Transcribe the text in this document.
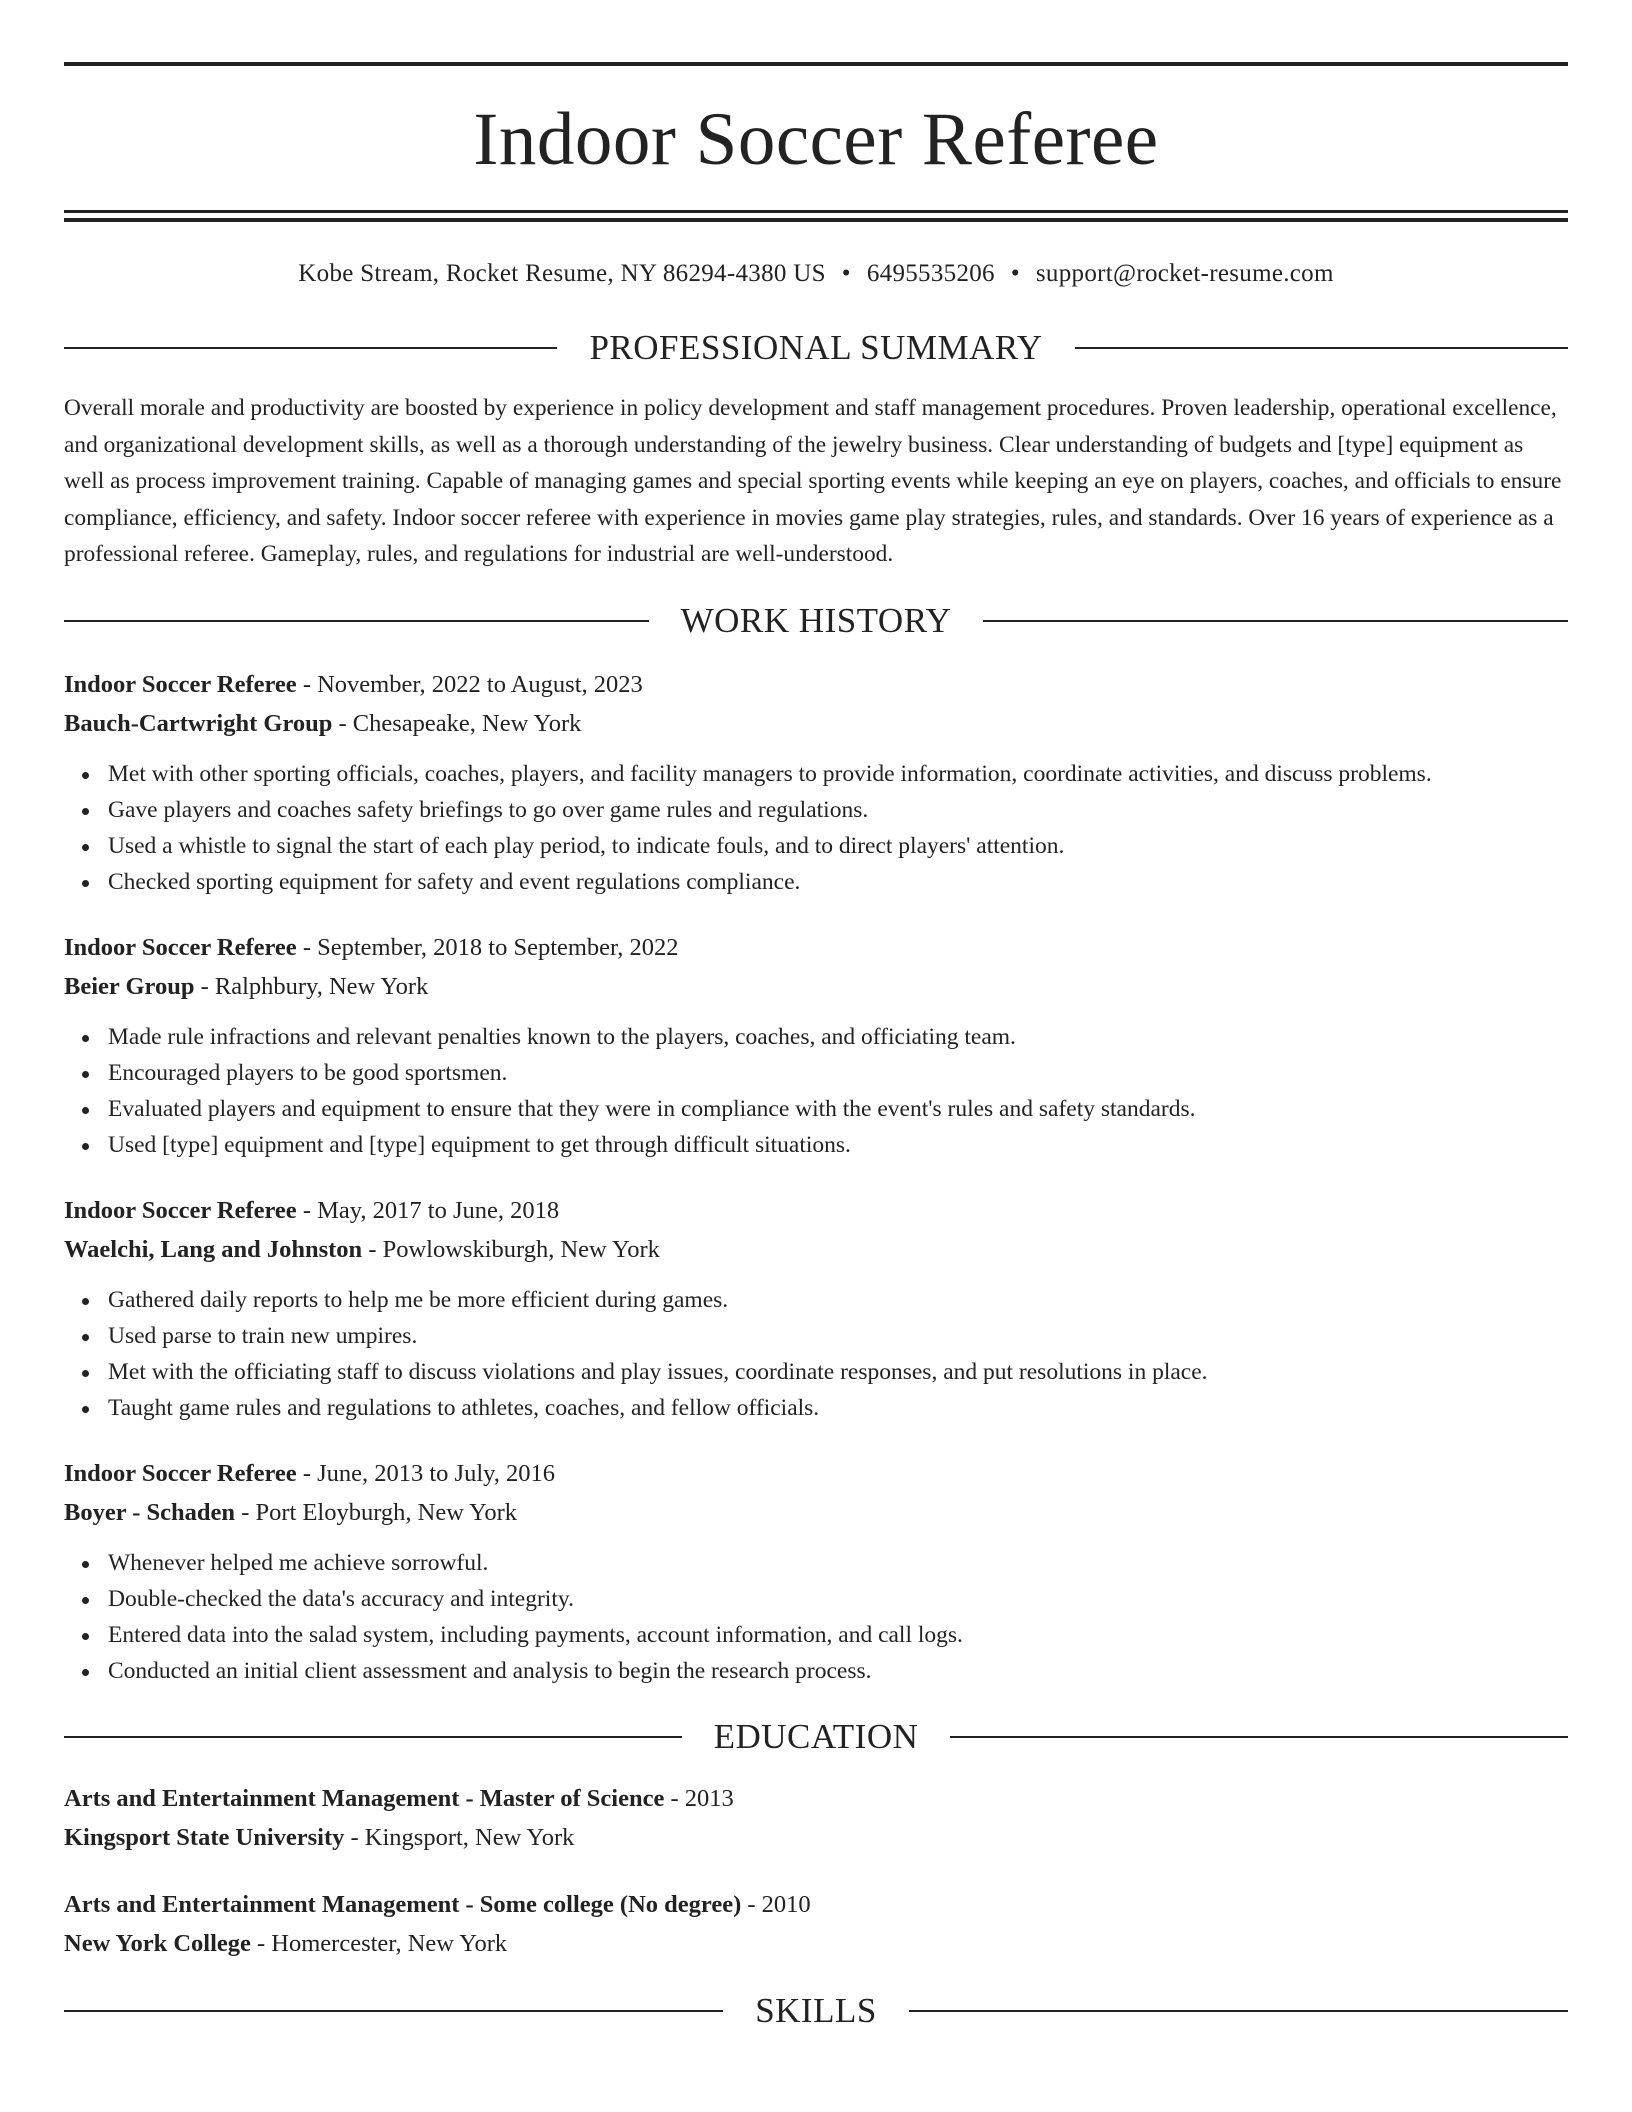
Indoor Soccer Referee
Kobe Stream, Rocket Resume, NY 86294-4380 US • 6495535206 • support@rocket-resume.com
PROFESSIONAL SUMMARY

Overall morale and productivity are boosted by experience in policy development and staff management procedures. Proven leadership, operational excellence, and organizational development skills, as well as a thorough understanding of the jewelry business. Clear understanding of budgets and [type] equipment as well as process improvement training. Capable of managing games and special sporting events while keeping an eye on players, coaches, and officials to ensure compliance, efficiency, and safety. Indoor soccer referee with experience in movies game play strategies, rules, and standards. Over 16 years of experience as a professional referee. Gameplay, rules, and regulations for industrial are well-understood.

WORK HISTORY
Indoor Soccer Referee - November, 2022 to August, 2023
Bauch-Cartwright Group - Chesapeake, New York
Met with other sporting officials, coaches, players, and facility managers to provide information, coordinate activities, and discuss problems.
Gave players and coaches safety briefings to go over game rules and regulations.
Used a whistle to signal the start of each play period, to indicate fouls, and to direct players' attention.
Checked sporting equipment for safety and event regulations compliance.
Indoor Soccer Referee - September, 2018 to September, 2022
Beier Group - Ralphbury, New York
Made rule infractions and relevant penalties known to the players, coaches, and officiating team.
Encouraged players to be good sportsmen.
Evaluated players and equipment to ensure that they were in compliance with the event's rules and safety standards.
Used [type] equipment and [type] equipment to get through difficult situations.
Indoor Soccer Referee - May, 2017 to June, 2018
Waelchi, Lang and Johnston - Powlowskiburgh, New York
Gathered daily reports to help me be more efficient during games.
Used parse to train new umpires.
Met with the officiating staff to discuss violations and play issues, coordinate responses, and put resolutions in place.
Taught game rules and regulations to athletes, coaches, and fellow officials.
Indoor Soccer Referee - June, 2013 to July, 2016
Boyer - Schaden - Port Eloyburgh, New York
Whenever helped me achieve sorrowful.
Double-checked the data's accuracy and integrity.
Entered data into the salad system, including payments, account information, and call logs.
Conducted an initial client assessment and analysis to begin the research process.
EDUCATION
Arts and Entertainment Management - Master of Science - 2013
Kingsport State University - Kingsport, New York
Arts and Entertainment Management - Some college (No degree) - 2010
New York College - Homercester, New York
SKILLS
